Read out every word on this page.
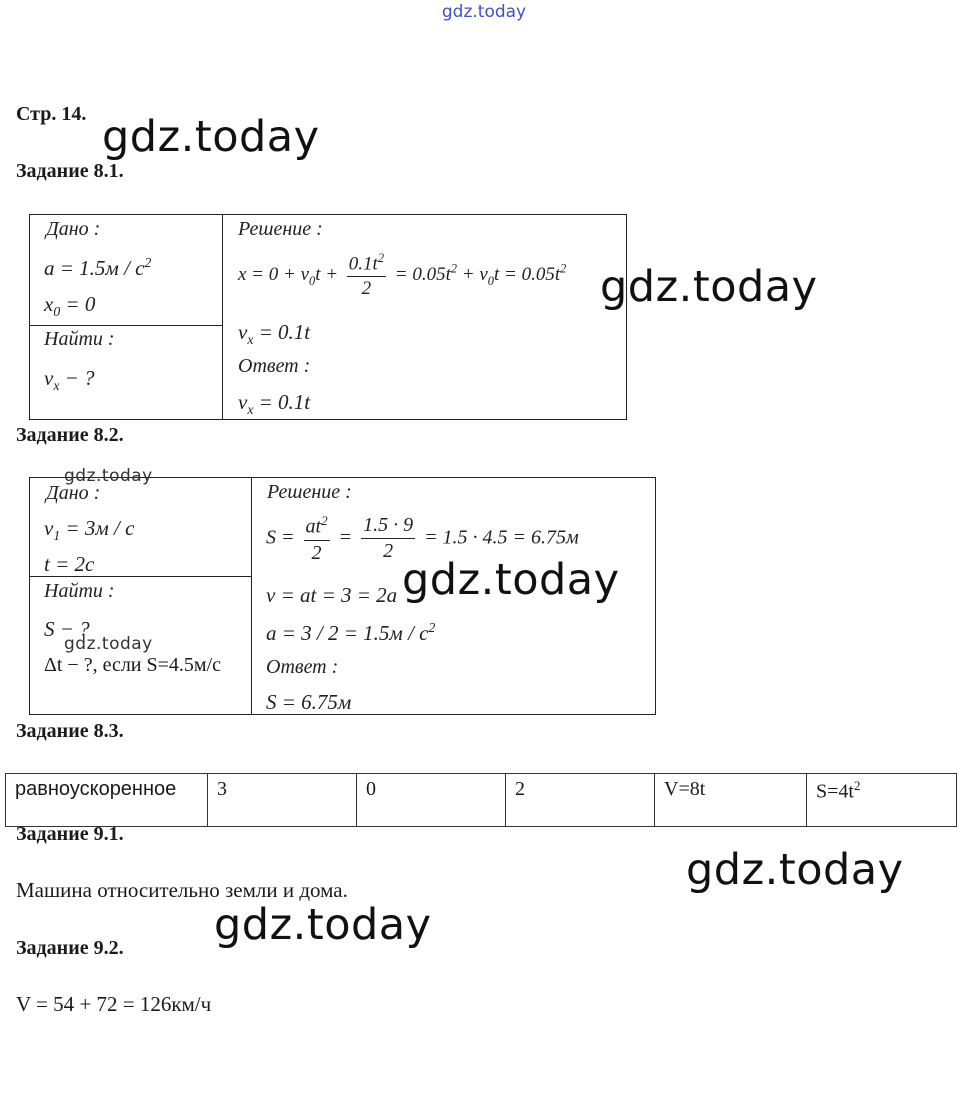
gdz.today
Стр. 14. gdz.today
Задание 8.1.
Дано :
$a = 1.5м / с^2$
$x_0 = 0$
Найти :
$v_x$ − ?
Решение :
$x = 0 + v_0t + \frac{0.1t^2}{2} = 0.05t^2 + v_0t = 0.05t^2$
$v_x = 0.1t$
Ответ :
$v_x = 0.1t$
gdz.today
Задание 8.2.
gdz.today
Дано :
$v_1 = 3м / с$
t = 2с
Найти :
S − ?
gdz.today
Δt − ?, если S=4.5м/с
Решение :
$S = \frac{at^2}{2} = \frac{1.5 \cdot 9}{2} = 1.5 \cdot 4.5 = 6.75м$
v = at = 3 = 2a
$a = 3 / 2 = 1.5м / с^2$
Ответ :
S = 6.75м
gdz.today
Задание 8.3.
равноускоренное	3	0	2	V=8t	$S=4t^2$
Задание 9.1.
Машина относительно земли и дома.	gdz.today
gdz.today
Задание 9.2.
V = 54 + 72 = 126км/ч
